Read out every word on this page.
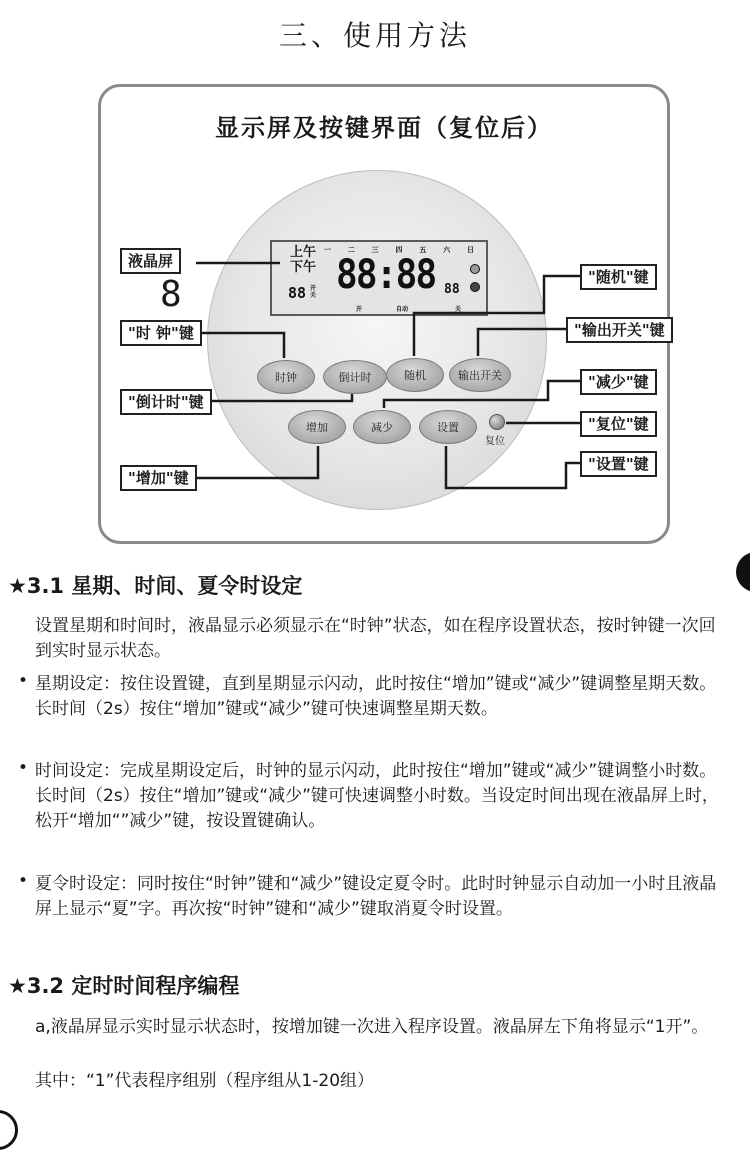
三、使用方法
显示屏及按键界面（复位后）
一 二 三 四 五 六 日
上午
下午 88:88
88 开关	88
开	自动	关
时钟	倒计时	随机	输出开关
增加	减少	设置
复位
液晶屏
8
"时 钟"键
"倒计时"键
"增加"键
"随机"键
"输出开关"键
"减少"键
"复位"键
"设置"键
★3.1 星期、时间、夏令时设定
设置星期和时间时，液晶显示必须显示在“时钟”状态，如在程序设置状态，按时钟键一次回到实时显示状态。
• 星期设定：按住设置键，直到星期显示闪动，此时按住“增加”键或“减少”键调整星期天数。 长时间（2s）按住“增加”键或“减少”键可快速调整星期天数。
• 时间设定：完成星期设定后，时钟的显示闪动，此时按住“增加”键或“减少”键调整小时数。 长时间（2s）按住“增加”键或“减少”键可快速调整小时数。当设定时间出现在液晶屏上时，松开“增加“”减少”键，按设置键确认。
• 夏令时设定：同时按住“时钟”键和“减少”键设定夏令时。此时时钟显示自动加一小时且液晶屏上显示“夏”字。再次按“时钟”键和“减少”键取消夏令时设置。
★3.2 定时时间程序编程
a,液晶屏显示实时显示状态时，按增加键一次进入程序设置。液晶屏左下角将显示“1开”。
其中：“1”代表程序组别（程序组从1-20组）
